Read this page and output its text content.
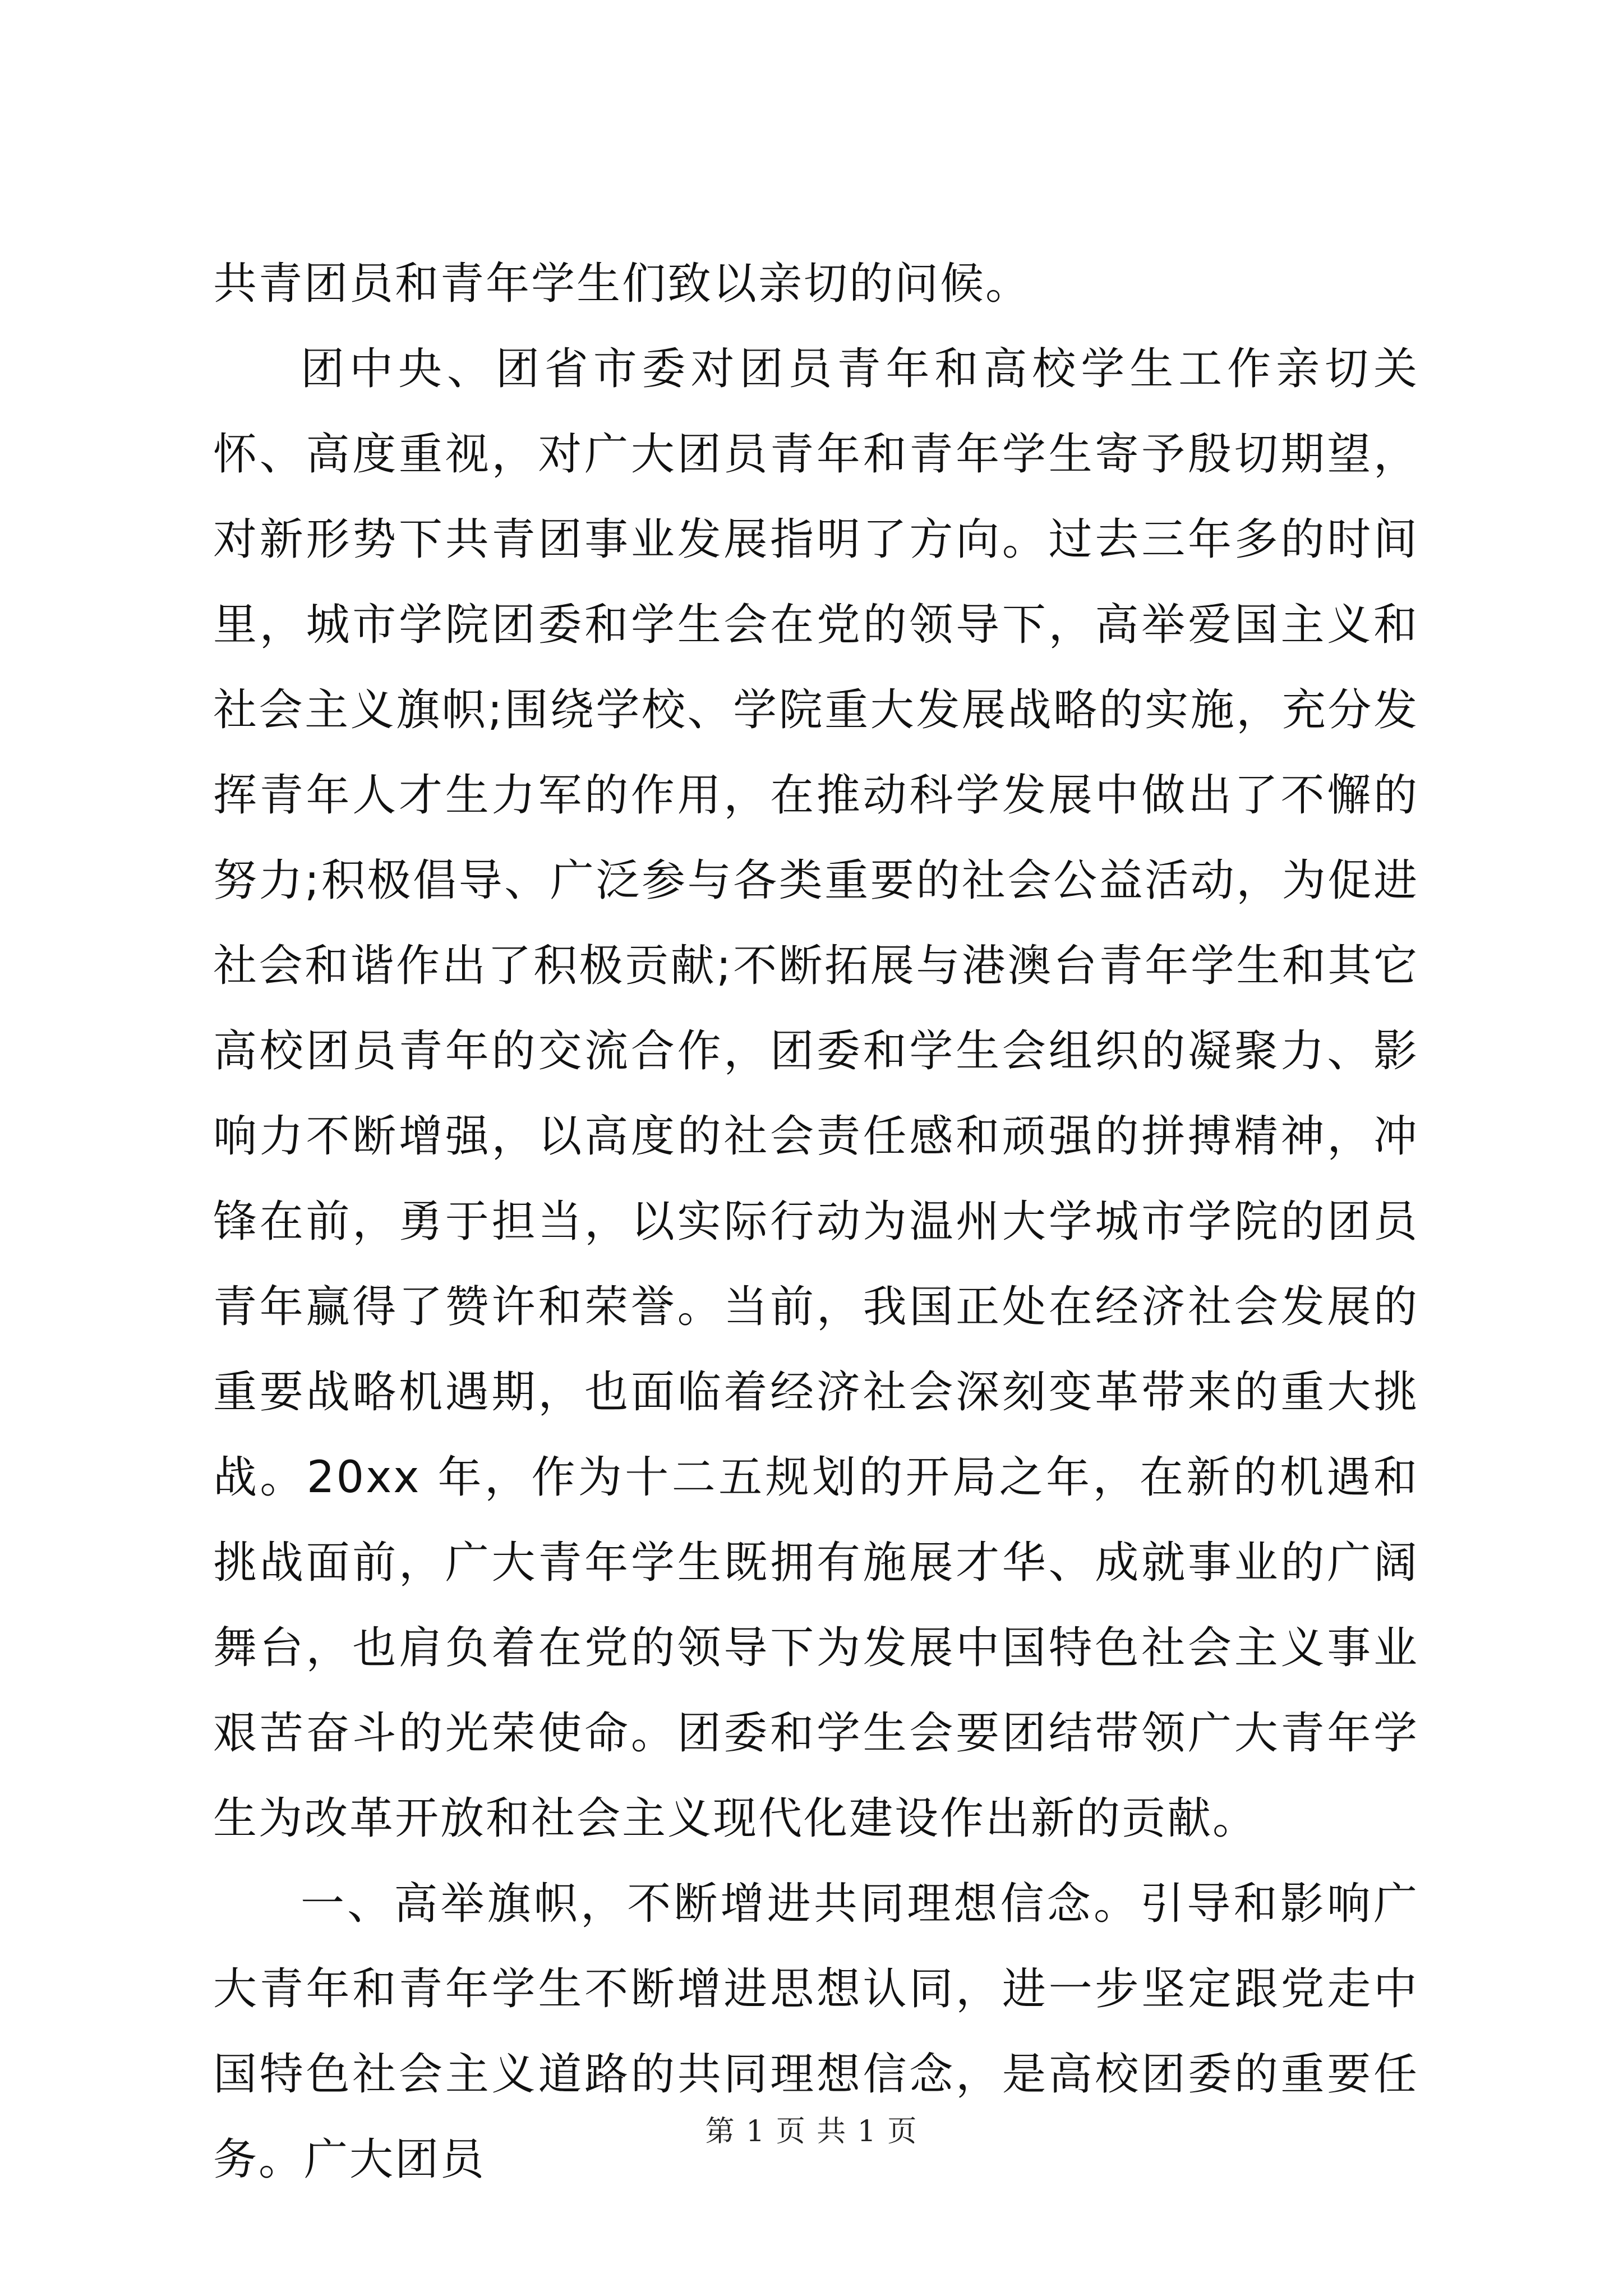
共青团员和青年学生们致以亲切的问候。

团中央、团省市委对团员青年和高校学生工作亲切关怀、高度重视，对广大团员青年和青年学生寄予殷切期望，对新形势下共青团事业发展指明了方向。过去三年多的时间里，城市学院团委和学生会在党的领导下，高举爱国主义和社会主义旗帜;围绕学校、学院重大发展战略的实施，充分发挥青年人才生力军的作用，在推动科学发展中做出了不懈的努力;积极倡导、广泛参与各类重要的社会公益活动，为促进社会和谐作出了积极贡献;不断拓展与港澳台青年学生和其它高校团员青年的交流合作，团委和学生会组织的凝聚力、影响力不断增强，以高度的社会责任感和顽强的拼搏精神，冲锋在前，勇于担当，以实际行动为温州大学城市学院的团员青年赢得了赞许和荣誉。当前，我国正处在经济社会发展的重要战略机遇期，也面临着经济社会深刻变革带来的重大挑战。20xx 年，作为十二五规划的开局之年，在新的机遇和挑战面前，广大青年学生既拥有施展才华、成就事业的广阔舞台，也肩负着在党的领导下为发展中国特色社会主义事业艰苦奋斗的光荣使命。团委和学生会要团结带领广大青年学生为改革开放和社会主义现代化建设作出新的贡献。

一、高举旗帜，不断增进共同理想信念。引导和影响广大青年和青年学生不断增进思想认同，进一步坚定跟党走中国特色社会主义道路的共同理想信念，是高校团委的重要任务。广大团员

第 1 页 共 1 页
